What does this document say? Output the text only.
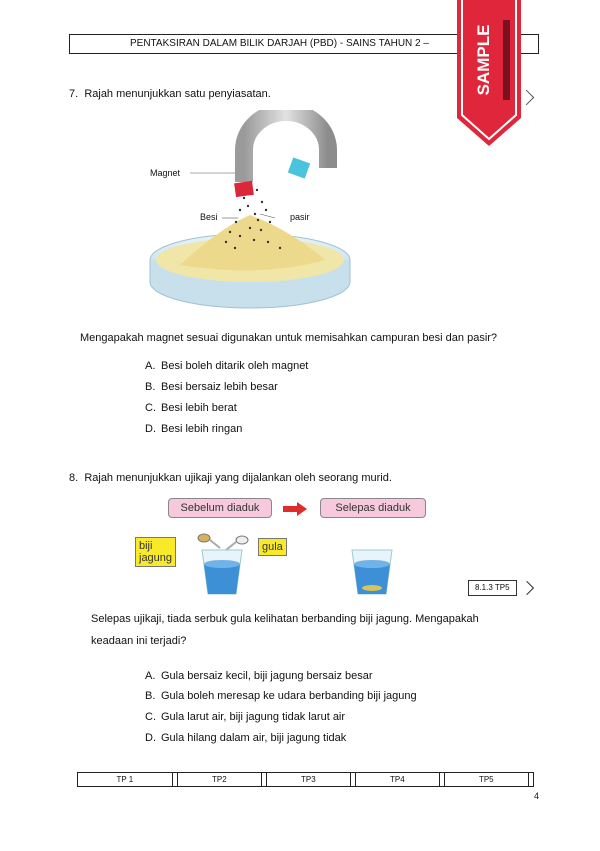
PENTAKSIRAN DALAM BILIK DARJAH (PBD) - SAINS TAHUN 2 –	SAMPLE
7. Rajah menunjukkan satu penyiasatan.
Magnet
Besi	pasir
Mengapakah magnet sesuai digunakan untuk memisahkan campuran besi dan pasir?
A. Besi boleh ditarik oleh magnet
B. Besi bersaiz lebih besar
C. Besi lebih berat
D. Besi lebih ringan
8. Rajah menunjukkan ujikaji yang dijalankan oleh seorang murid.
Sebelum diaduk	Selepas diaduk
biji
jagung
gula
8.1.3 TP5
Selepas ujikaji, tiada serbuk gula kelihatan berbanding biji jagung. Mengapakah
keadaan ini terjadi?
A. Gula bersaiz kecil, biji jagung bersaiz besar
B. Gula boleh meresap ke udara berbanding biji jagung
C. Gula larut air, biji jagung tidak larut air
D. Gula hilang dalam air, biji jagung tidak
TP 1		TP2		TP3		TP4		TP5	
4
